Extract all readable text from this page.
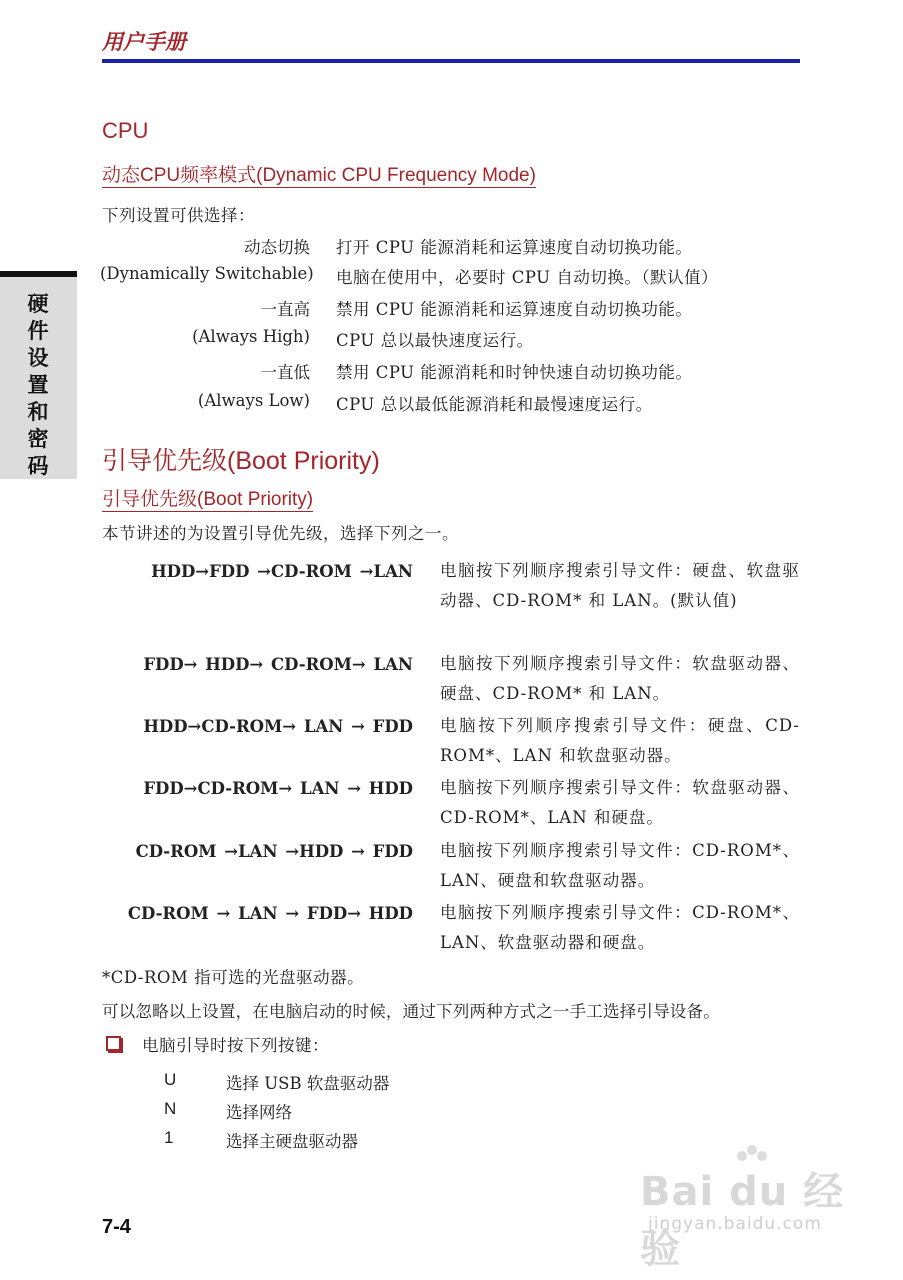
用户手册
硬件设置和密码
CPU
动态CPU频率模式(Dynamic CPU Frequency Mode)
下列设置可供选择：
动态切换 打开 CPU 能源消耗和运算速度自动切换功能。
(Dynamically Switchable) 电脑在使用中，必要时 CPU 自动切换。（默认值）
一直高 禁用 CPU 能源消耗和运算速度自动切换功能。
(Always High) CPU 总以最快速度运行。
一直低 禁用 CPU 能源消耗和时钟快速自动切换功能。
(Always Low) CPU 总以最低能源消耗和最慢速度运行。
引导优先级(Boot Priority)
引导优先级(Boot Priority)
本节讲述的为设置引导优先级，选择下列之一。
HDD→FDD →CD-ROM →LAN 电脑按下列顺序搜索引导文件：硬盘、软盘驱动器、CD-ROM* 和 LAN。(默认值)
FDD→ HDD→ CD-ROM→ LAN 电脑按下列顺序搜索引导文件：软盘驱动器、硬盘、CD-ROM* 和 LAN。
HDD→CD-ROM→ LAN → FDD 电脑按下列顺序搜索引导文件：硬盘、CD-ROM*、LAN 和软盘驱动器。
FDD→CD-ROM→ LAN → HDD 电脑按下列顺序搜索引导文件：软盘驱动器、CD-ROM*、LAN 和硬盘。
CD-ROM →LAN →HDD → FDD 电脑按下列顺序搜索引导文件：CD-ROM*、LAN、硬盘和软盘驱动器。
CD-ROM → LAN → FDD→ HDD 电脑按下列顺序搜索引导文件：CD-ROM*、LAN、软盘驱动器和硬盘。
*CD-ROM 指可选的光盘驱动器。
可以忽略以上设置，在电脑启动的时候，通过下列两种方式之一手工选择引导设备。
电脑引导时按下列按键：
U	选择 USB 软盘驱动器
N	选择网络
1	选择主硬盘驱动器
7-4
Bai du 经验
jingyan.baidu.com
